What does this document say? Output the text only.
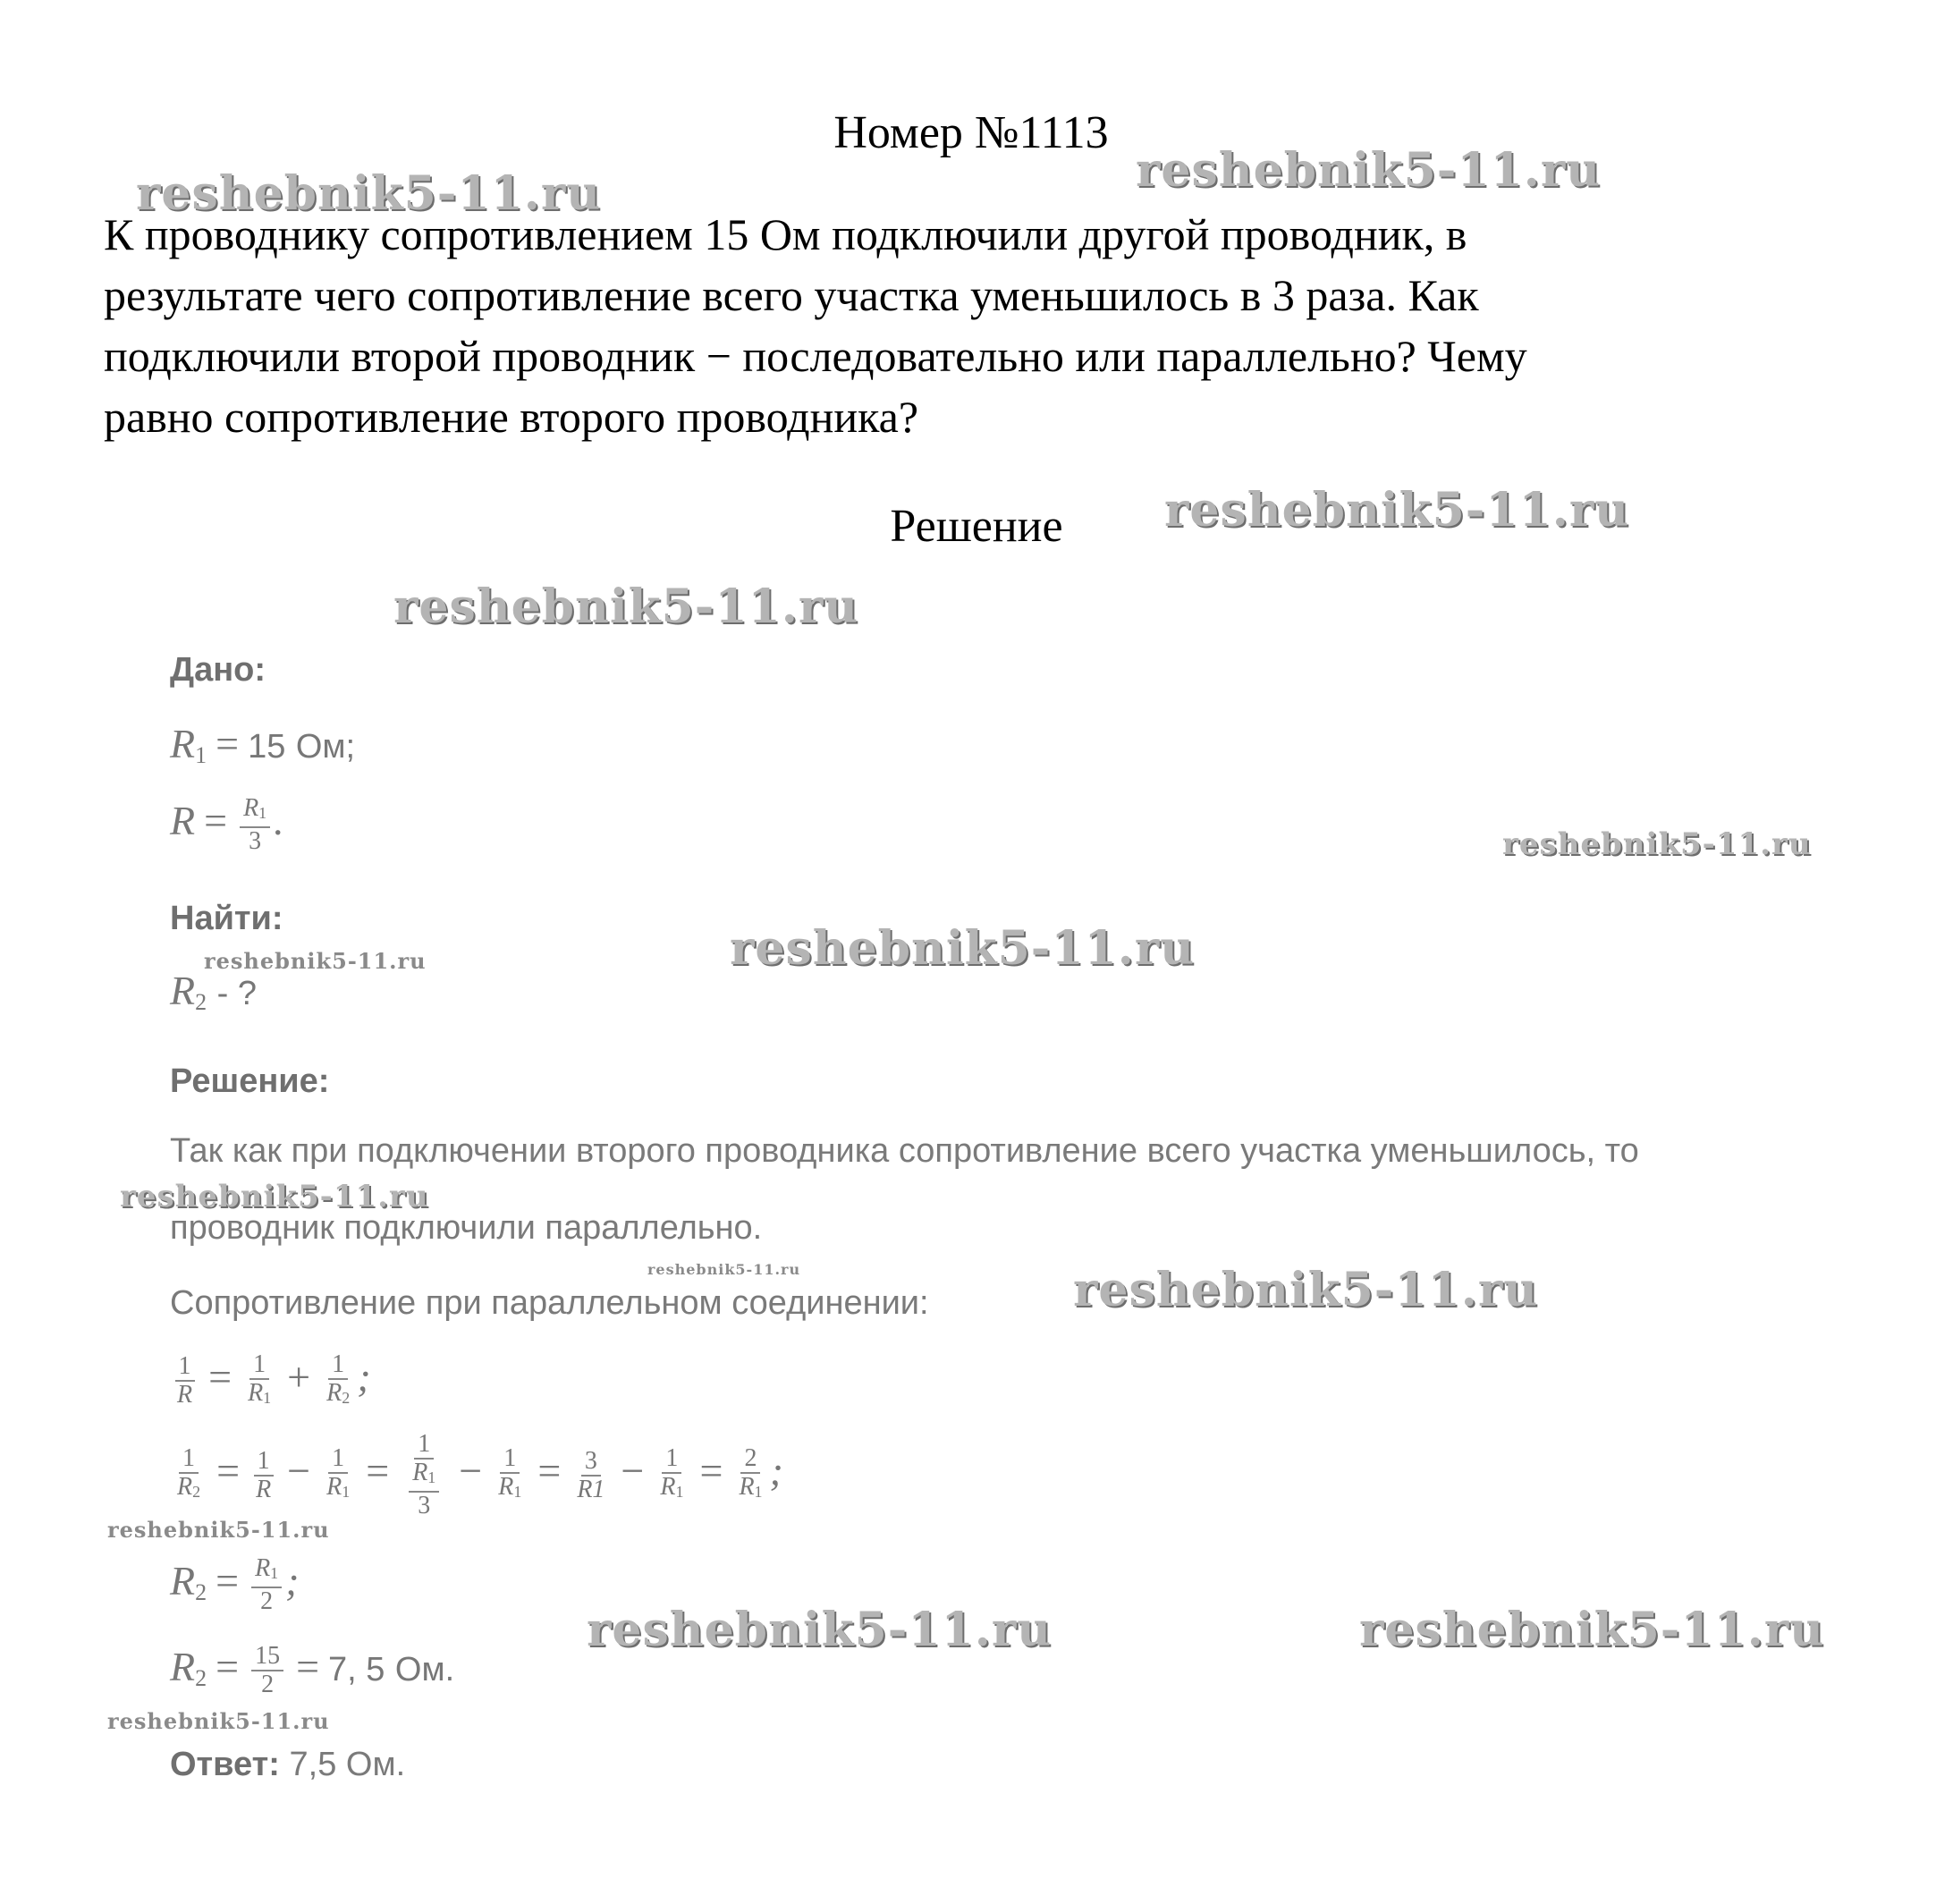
Номер №1113

К проводнику сопротивлением 15 Ом подключили другой проводник, в

результате чего сопротивление всего участка уменьшилось в 3 раза. Как

подключили второй проводник − последовательно или параллельно? Чему

равно сопротивление второго проводника?

Решение
Дано:
$R_1 = 15$ Ом;
$R = \frac{R_1}{3}$ .
Найти:
$R_2$ - ?
Решение:
Так как при подключении второго проводника сопротивление всего участка уменьшилось, то
проводник подключили параллельно.
Сопротивление при параллельном соединении:
$\frac{1}{R} = \frac{1}{R_1} + \frac{1}{R_2}$ ;
$\frac{1}{R_2} = \frac{1}{R} - \frac{1}{R_1} = \frac{1}{\frac{R_1}{3}} - \frac{1}{R_1} = \frac{3}{R1} - \frac{1}{R_1} = \frac{2}{R_1}$ ;
$R_2 = \frac{R_1}{2}$ ;
$R_2 = \frac{15}{2} = 7$, 5 Ом.
Ответ: 7,5 Ом.
reshebnik5-11.ru	reshebnik5-11.ru
reshebnik5-11.ru
reshebnik5-11.ru
reshebnik5-11.ru
reshebnik5-11.ru
reshebnik5-11.ru
reshebnik5-11.ru
reshebnik5-11.ru	reshebnik5-11.ru
reshebnik5-11.ru
reshebnik5-11.ru	reshebnik5-11.ru
reshebnik5-11.ru
